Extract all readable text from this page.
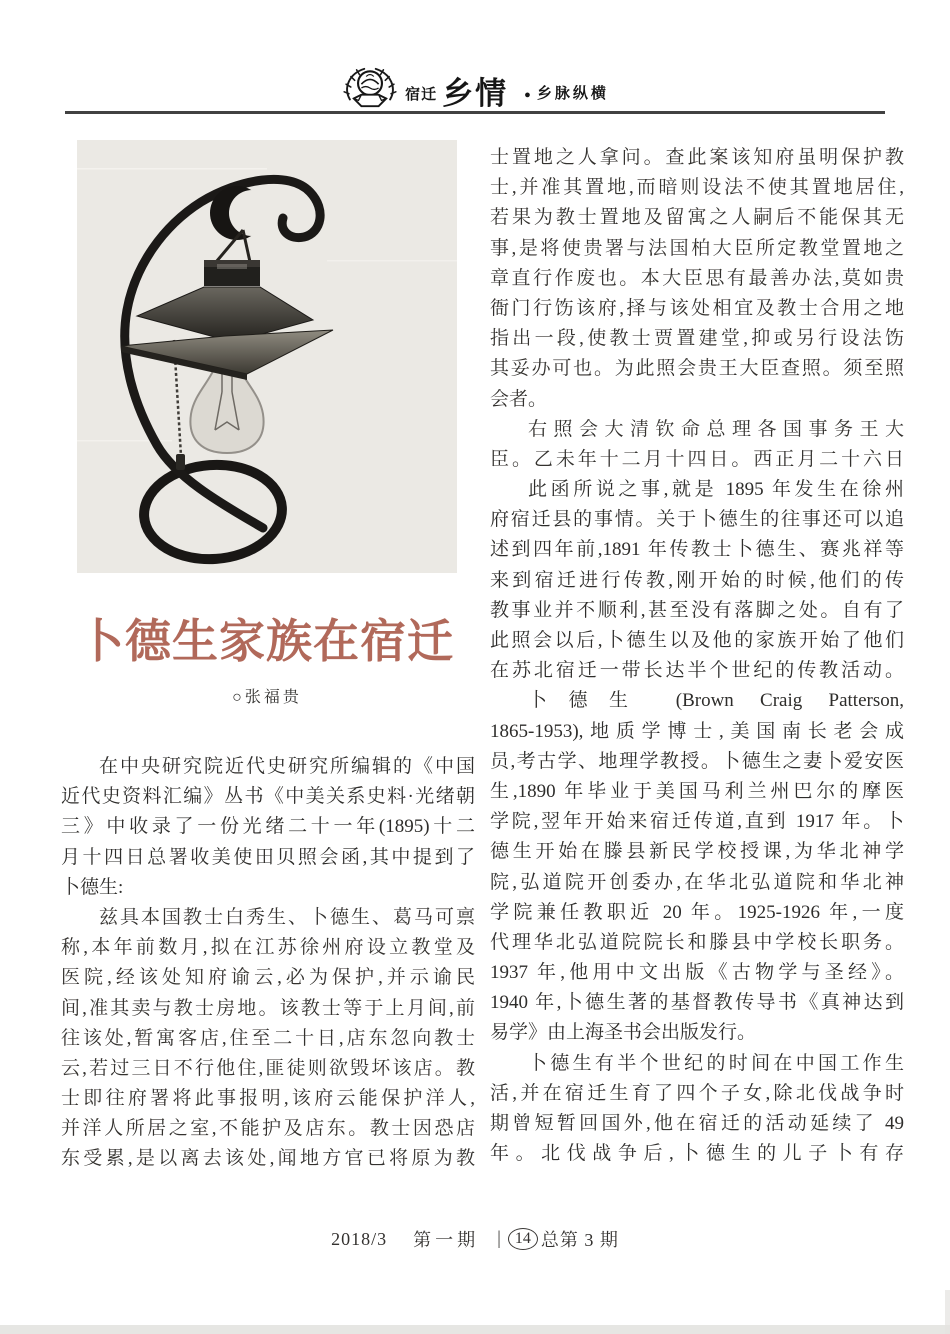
宿迁 乡情 ● 乡脉纵横
卜德生家族在宿迁
○张福贵
在中央研究院近代史研究所编辑的《中国
近代史资料汇编》丛书《中美关系史料·光绪朝
三》中收录了一份光绪二十一年(1895)十二
月十四日总署收美使田贝照会函,其中提到了
卜德生:
兹具本国教士白秀生、卜德生、葛马可禀
称,本年前数月,拟在江苏徐州府设立教堂及
医院,经该处知府谕云,必为保护,并示谕民
间,准其卖与教士房地。该教士等于上月间,前
往该处,暂寓客店,住至二十日,店东忽向教士
云,若过三日不行他住,匪徒则欲毁坏该店。教
士即往府署将此事报明,该府云能保护洋人,
并洋人所居之室,不能护及店东。教士因恐店
东受累,是以离去该处,闻地方官已将原为教
士置地之人拿问。查此案该知府虽明保护教
士,并准其置地,而暗则设法不使其置地居住,
若果为教士置地及留寓之人嗣后不能保其无
事,是将使贵署与法国柏大臣所定教堂置地之
章直行作废也。本大臣思有最善办法,莫如贵
衙门行饬该府,择与该处相宜及教士合用之地
指出一段,使教士贾置建堂,抑或另行设法饬
其妥办可也。为此照会贵王大臣查照。须至照
会者。
右照会大清钦命总理各国事务王大
臣。乙未年十二月十四日。西正月二十六日
此函所说之事,就是 1895 年发生在徐州
府宿迁县的事情。关于卜德生的往事还可以追
述到四年前,1891 年传教士卜德生、赛兆祥等
来到宿迁进行传教,刚开始的时候,他们的传
教事业并不顺利,甚至没有落脚之处。自有了
此照会以后,卜德生以及他的家族开始了他们
在苏北宿迁一带长达半个世纪的传教活动。
卜德生 (Brown Craig Patterson,
1865-1953),地质学博士,美国南长老会成
员,考古学、地理学教授。卜德生之妻卜爱安医
生,1890 年毕业于美国马利兰州巴尔的摩医
学院,翌年开始来宿迁传道,直到 1917 年。卜
德生开始在滕县新民学校授课,为华北神学
院,弘道院开创委办,在华北弘道院和华北神
学院兼任教职近 20 年。1925-1926 年,一度
代理华北弘道院院长和滕县中学校长职务。
1937 年,他用中文出版《古物学与圣经》。
1940 年,卜德生著的基督教传导书《真神达到
易学》由上海圣书会出版发行。
卜德生有半个世纪的时间在中国工作生
活,并在宿迁生育了四个子女,除北伐战争时
期曾短暂回国外,他在宿迁的活动延续了 49
年。北伐战争后,卜德生的儿子卜有存
2018/3 第一期 | 14 总第 3 期
